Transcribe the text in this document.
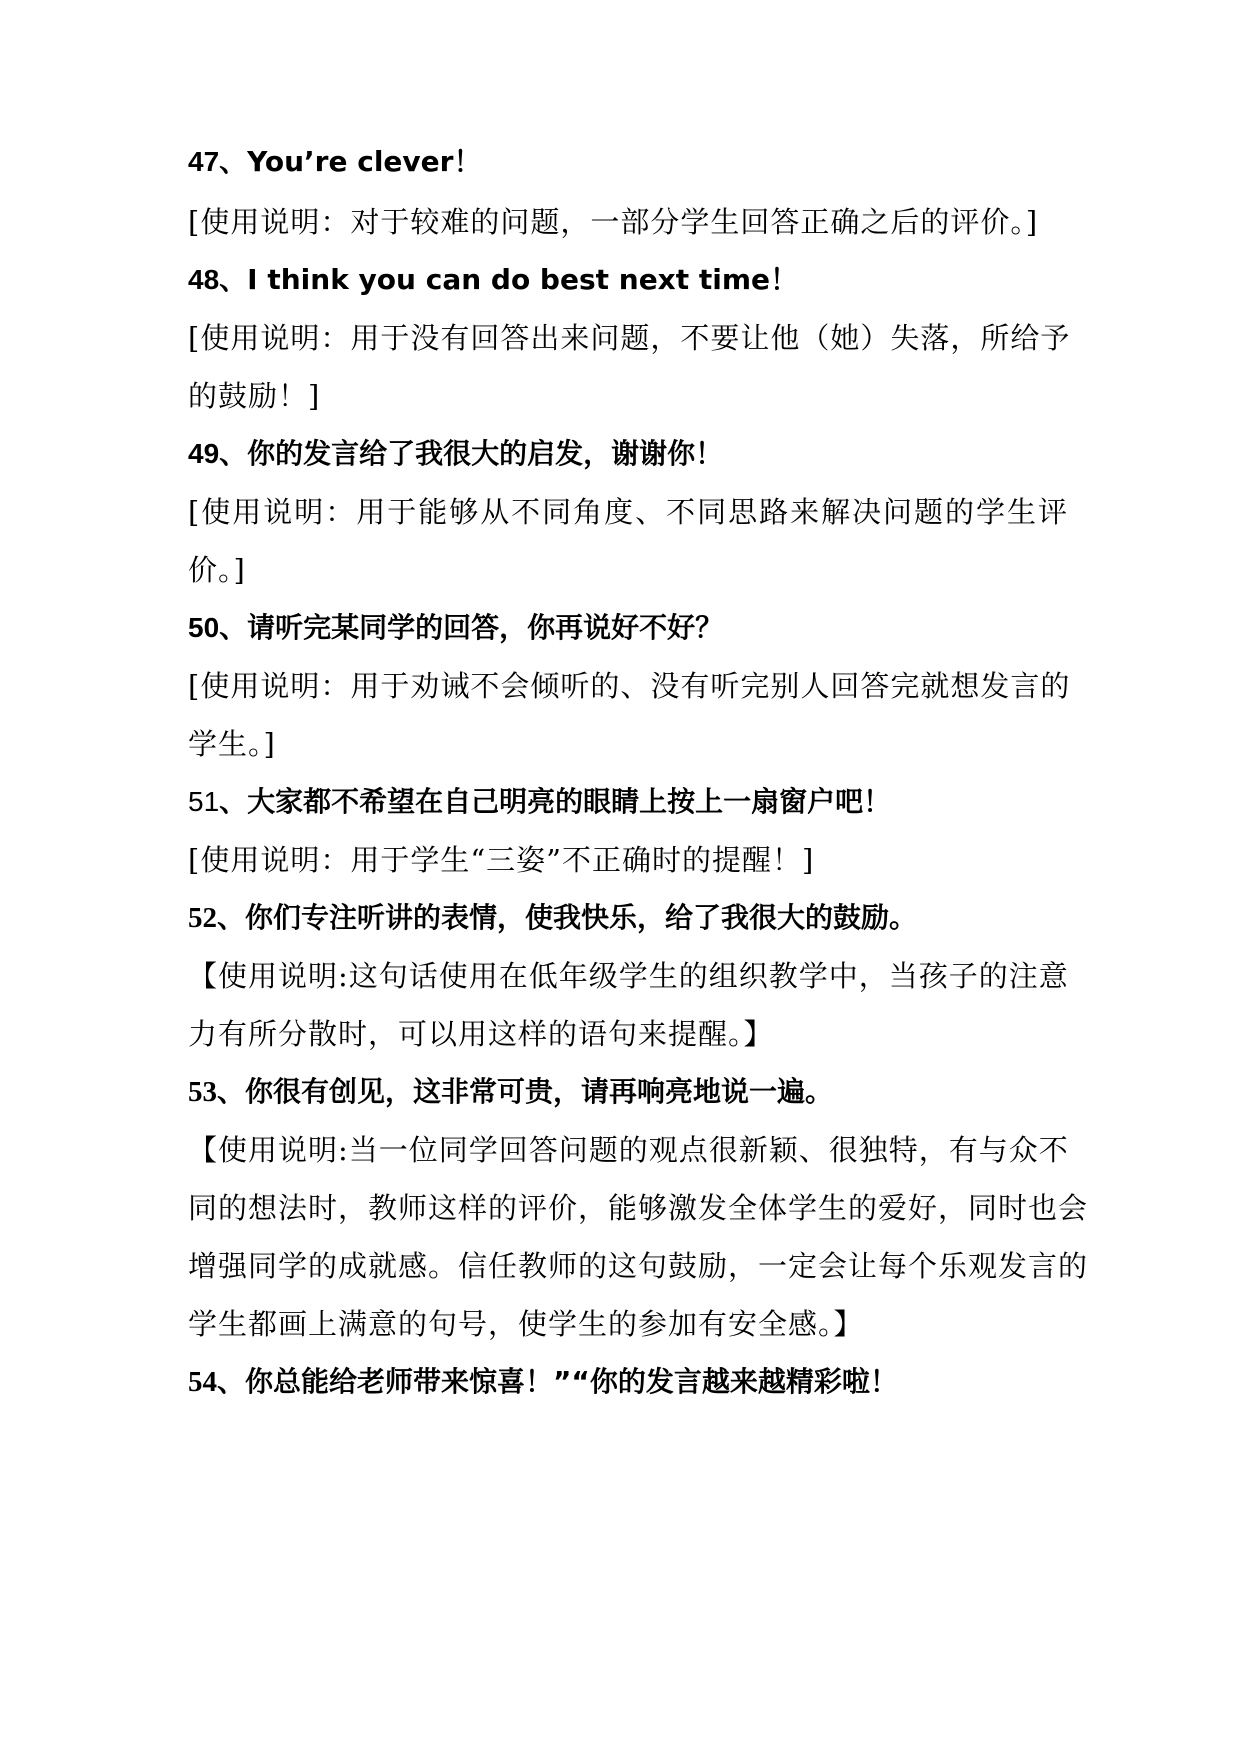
47、You’re clever！
[使用说明：对于较难的问题，一部分学生回答正确之后的评价。]
48、I think you can do best next time！
[使用说明：用于没有回答出来问题，不要让他（她）失落，所给予
的鼓励！]
49、你的发言给了我很大的启发，谢谢你！
[使用说明：用于能够从不同角度、不同思路来解决问题的学生评
价。]
50、请听完某同学的回答，你再说好不好？
[使用说明：用于劝诫不会倾听的、没有听完别人回答完就想发言的
学生。]
51、大家都不希望在自己明亮的眼睛上按上一扇窗户吧！
[使用说明：用于学生“三姿”不正确时的提醒！]
52、你们专注听讲的表情，使我快乐，给了我很大的鼓励。
【使用说明:这句话使用在低年级学生的组织教学中，当孩子的注意
力有所分散时，可以用这样的语句来提醒。】
53、你很有创见，这非常可贵，请再响亮地说一遍。
【使用说明:当一位同学回答问题的观点很新颖、很独特，有与众不
同的想法时，教师这样的评价，能够激发全体学生的爱好，同时也会
增强同学的成就感。信任教师的这句鼓励，一定会让每个乐观发言的
学生都画上满意的句号，使学生的参加有安全感。】
54、你总能给老师带来惊喜！”“你的发言越来越精彩啦！
